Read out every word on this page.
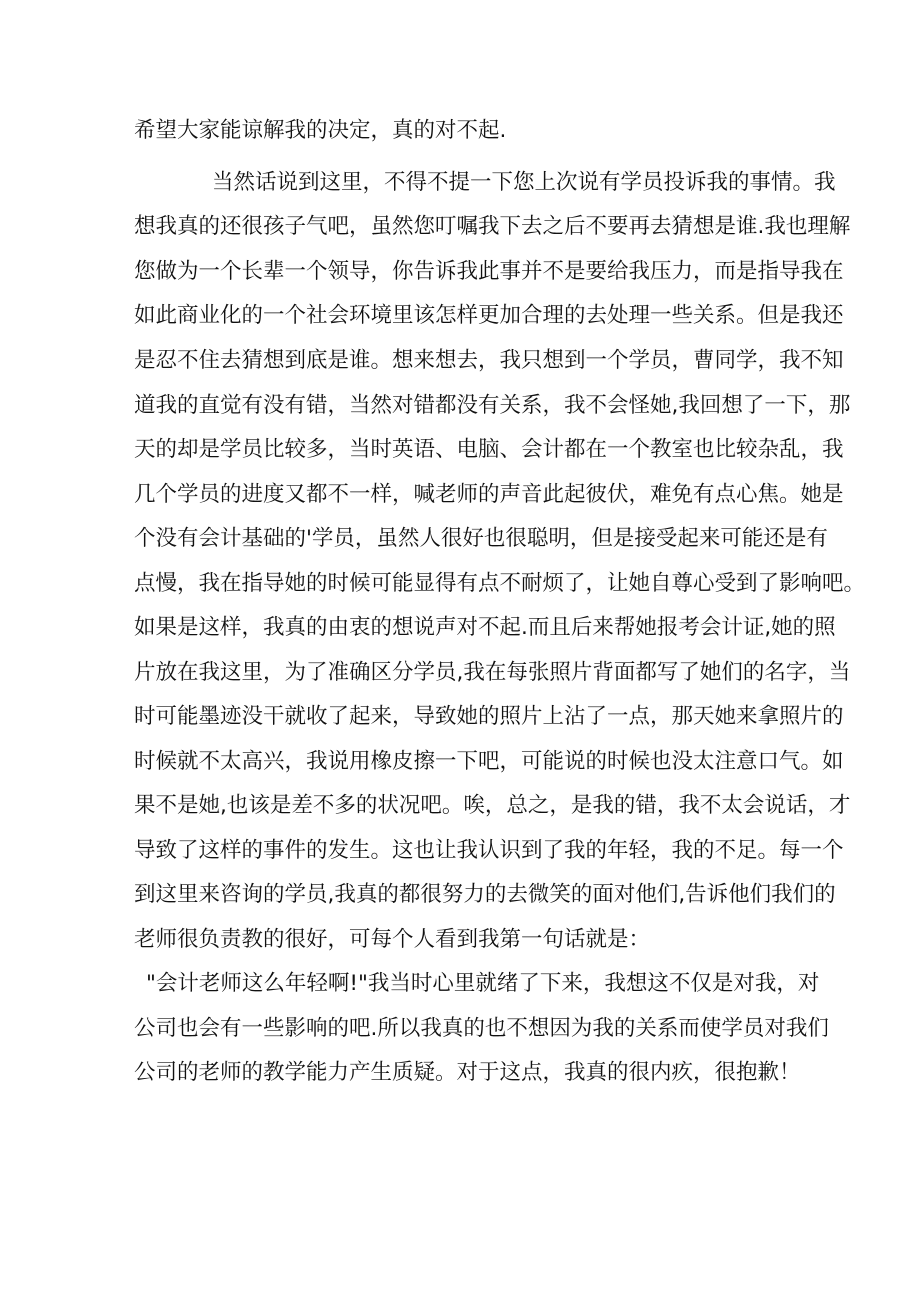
希望大家能谅解我的决定，真的对不起.
当然话说到这里，不得不提一下您上次说有学员投诉我的事情。我
想我真的还很孩子气吧，虽然您叮嘱我下去之后不要再去猜想是谁.我也理解
您做为一个长辈一个领导，你告诉我此事并不是要给我压力，而是指导我在
如此商业化的一个社会环境里该怎样更加合理的去处理一些关系。但是我还
是忍不住去猜想到底是谁。想来想去，我只想到一个学员，曹同学，我不知
道我的直觉有没有错，当然对错都没有关系，我不会怪她,我回想了一下，那
天的却是学员比较多，当时英语、电脑、会计都在一个教室也比较杂乱，我
几个学员的进度又都不一样，喊老师的声音此起彼伏，难免有点心焦。她是
个没有会计基础的'学员，虽然人很好也很聪明，但是接受起来可能还是有
点慢，我在指导她的时候可能显得有点不耐烦了，让她自尊心受到了影响吧。
如果是这样，我真的由衷的想说声对不起.而且后来帮她报考会计证,她的照
片放在我这里，为了准确区分学员,我在每张照片背面都写了她们的名字，当
时可能墨迹没干就收了起来，导致她的照片上沾了一点，那天她来拿照片的
时候就不太高兴，我说用橡皮擦一下吧，可能说的时候也没太注意口气。如
果不是她,也该是差不多的状况吧。唉，总之，是我的错，我不太会说话，才
导致了这样的事件的发生。这也让我认识到了我的年轻，我的不足。每一个
到这里来咨询的学员,我真的都很努力的去微笑的面对他们,告诉他们我们的
老师很负责教的很好，可每个人看到我第一句话就是：
"会计老师这么年轻啊!"我当时心里就绪了下来，我想这不仅是对我，对
公司也会有一些影响的吧.所以我真的也不想因为我的关系而使学员对我们
公司的老师的教学能力产生质疑。对于这点，我真的很内疚，很抱歉！
